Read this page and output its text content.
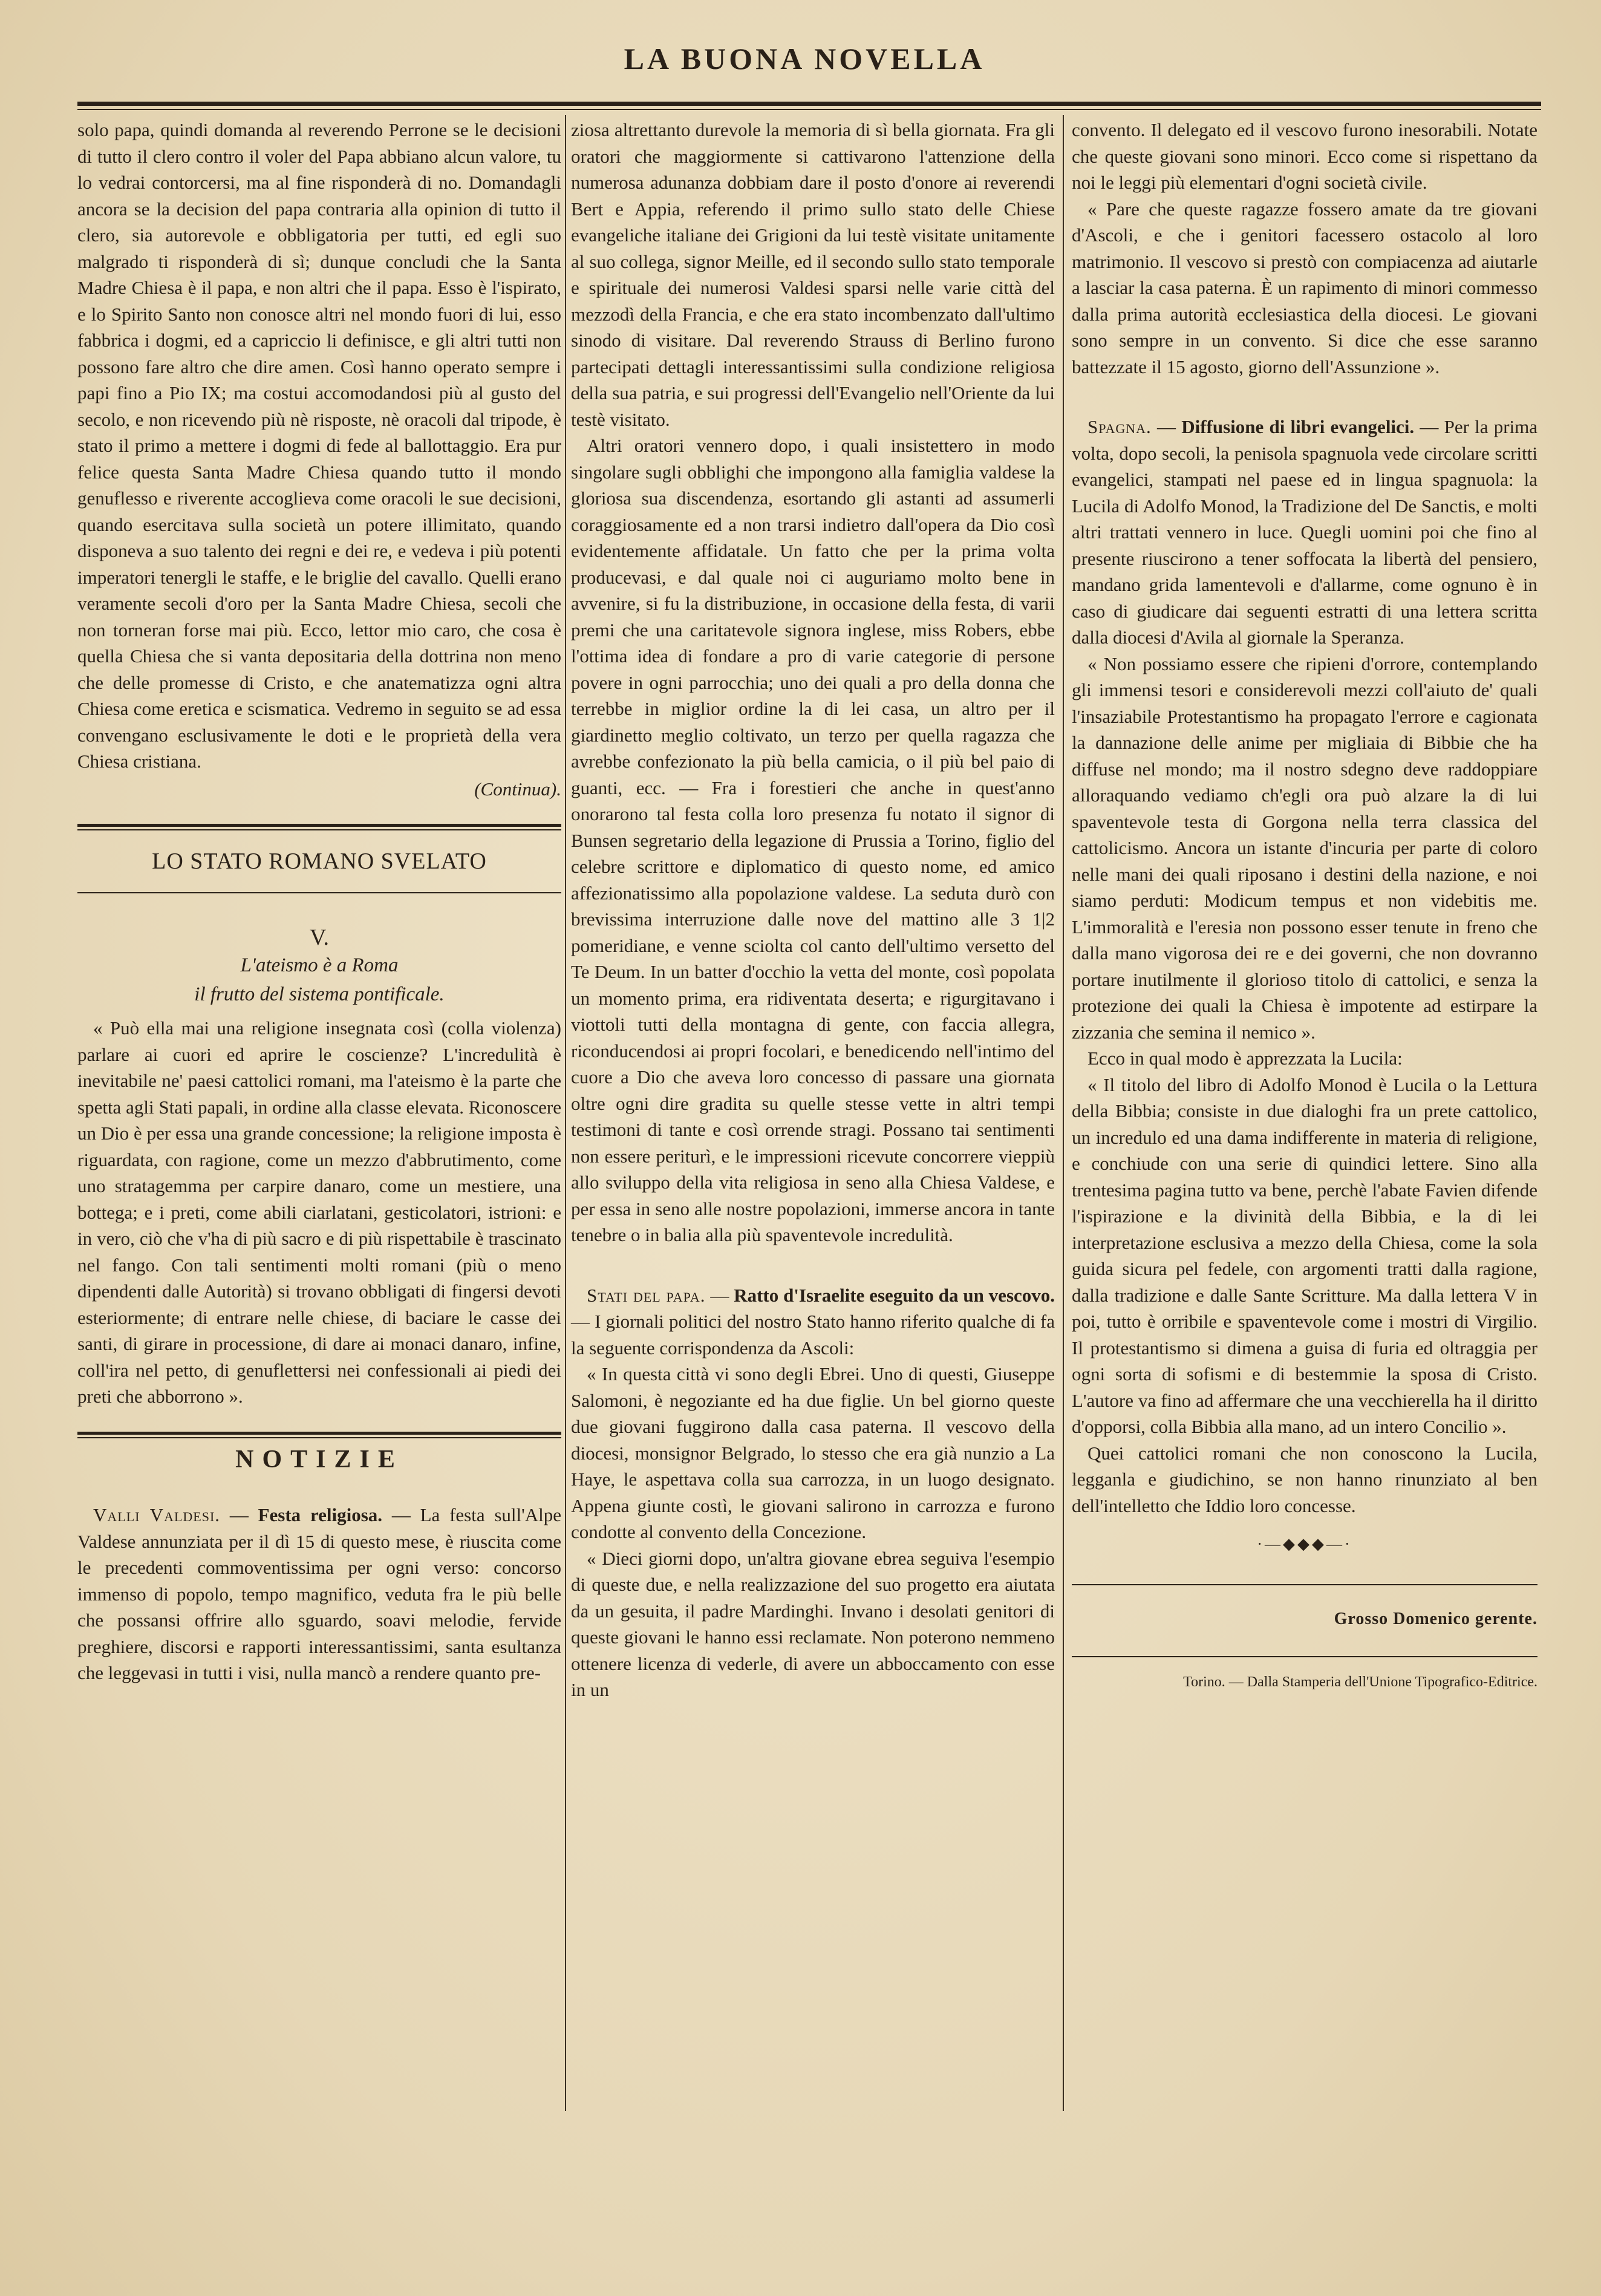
LA BUONA NOVELLA

solo papa, quindi domanda al reverendo Perrone se le decisioni di tutto il clero contro il voler del Papa abbiano alcun valore, tu lo vedrai contorcersi, ma al fine risponderà di no. Domandagli ancora se la decision del papa contraria alla opinion di tutto il clero, sia autorevole e obbligatoria per tutti, ed egli suo malgrado ti risponderà di sì; dunque concludi che la Santa Madre Chiesa è il papa, e non altri che il papa. Esso è l'ispirato, e lo Spirito Santo non conosce altri nel mondo fuori di lui, esso fabbrica i dogmi, ed a capriccio li definisce, e gli altri tutti non possono fare altro che dire amen. Così hanno operato sempre i papi fino a Pio IX; ma costui accomodandosi più al gusto del secolo, e non ricevendo più nè risposte, nè oracoli dal tripode, è stato il primo a mettere i dogmi di fede al ballottaggio. Era pur felice questa Santa Madre Chiesa quando tutto il mondo genuflesso e riverente accoglieva come oracoli le sue decisioni, quando esercitava sulla società un potere illimitato, quando disponeva a suo talento dei regni e dei re, e vedeva i più potenti imperatori tenergli le staffe, e le briglie del cavallo. Quelli erano veramente secoli d'oro per la Santa Madre Chiesa, secoli che non torneran forse mai più. Ecco, lettor mio caro, che cosa è quella Chiesa che si vanta depositaria della dottrina non meno che delle promesse di Cristo, e che anatematizza ogni altra Chiesa come eretica e scismatica. Vedremo in seguito se ad essa convengano esclusivamente le doti e le proprietà della vera Chiesa cristiana.

(Continua).
LO STATO ROMANO SVELATO
V.
L'ateismo è a Roma
il frutto del sistema pontificale.

« Può ella mai una religione insegnata così (colla violenza) parlare ai cuori ed aprire le coscienze? L'incredulità è inevitabile ne' paesi cattolici romani, ma l'ateismo è la parte che spetta agli Stati papali, in ordine alla classe elevata. Riconoscere un Dio è per essa una grande concessione; la religione imposta è riguardata, con ragione, come un mezzo d'abbrutimento, come uno stratagemma per carpire danaro, come un mestiere, una bottega; e i preti, come abili ciarlatani, gesticolatori, istrioni: e in vero, ciò che v'ha di più sacro e di più rispettabile è trascinato nel fango. Con tali sentimenti molti romani (più o meno dipendenti dalle Autorità) si trovano obbligati di fingersi devoti esteriormente; di entrare nelle chiese, di baciare le casse dei santi, di girare in processione, di dare ai monaci danaro, infine, coll'ira nel petto, di genuflettersi nei confessionali ai piedi dei preti che abborrono ».

NOTIZIE

Valli Valdesi. — Festa religiosa. — La festa sull'Alpe Valdese annunziata per il dì 15 di questo mese, è riuscita come le precedenti commoventissima per ogni verso: concorso immenso di popolo, tempo magnifico, veduta fra le più belle che possansi offrire allo sguardo, soavi melodie, fervide preghiere, discorsi e rapporti interessantissimi, santa esultanza che leggevasi in tutti i visi, nulla mancò a rendere quanto pre-

ziosa altrettanto durevole la memoria di sì bella giornata. Fra gli oratori che maggiormente si cattivarono l'attenzione della numerosa adunanza dobbiam dare il posto d'onore ai reverendi Bert e Appia, referendo il primo sullo stato delle Chiese evangeliche italiane dei Grigioni da lui testè visitate unitamente al suo collega, signor Meille, ed il secondo sullo stato temporale e spirituale dei numerosi Valdesi sparsi nelle varie città del mezzodì della Francia, e che era stato incombenzato dall'ultimo sinodo di visitare. Dal reverendo Strauss di Berlino furono partecipati dettagli interessantissimi sulla condizione religiosa della sua patria, e sui progressi dell'Evangelio nell'Oriente da lui testè visitato.

Altri oratori vennero dopo, i quali insistettero in modo singolare sugli obblighi che impongono alla famiglia valdese la gloriosa sua discendenza, esortando gli astanti ad assumerli coraggiosamente ed a non trarsi indietro dall'opera da Dio così evidentemente affidatale. Un fatto che per la prima volta producevasi, e dal quale noi ci auguriamo molto bene in avvenire, si fu la distribuzione, in occasione della festa, di varii premi che una caritatevole signora inglese, miss Robers, ebbe l'ottima idea di fondare a pro di varie categorie di persone povere in ogni parrocchia; uno dei quali a pro della donna che terrebbe in miglior ordine la di lei casa, un altro per il giardinetto meglio coltivato, un terzo per quella ragazza che avrebbe confezionato la più bella camicia, o il più bel paio di guanti, ecc. — Fra i forestieri che anche in quest'anno onorarono tal festa colla loro presenza fu notato il signor di Bunsen segretario della legazione di Prussia a Torino, figlio del celebre scrittore e diplomatico di questo nome, ed amico affezionatissimo alla popolazione valdese. La seduta durò con brevissima interruzione dalle nove del mattino alle 3 1|2 pomeridiane, e venne sciolta col canto dell'ultimo versetto del Te Deum. In un batter d'occhio la vetta del monte, così popolata un momento prima, era ridiventata deserta; e rigurgitavano i viottoli tutti della montagna di gente, con faccia allegra, riconducendosi ai propri focolari, e benedicendo nell'intimo del cuore a Dio che aveva loro concesso di passare una giornata oltre ogni dire gradita su quelle stesse vette in altri tempi testimoni di tante e così orrende stragi. Possano tai sentimenti non essere periturì, e le impressioni ricevute concorrere vieppiù allo sviluppo della vita religiosa in seno alla Chiesa Valdese, e per essa in seno alle nostre popolazioni, immerse ancora in tante tenebre o in balia alla più spaventevole incredulità.

Stati del papa. — Ratto d'Israelite eseguito da un vescovo. — I giornali politici del nostro Stato hanno riferito qualche di fa la seguente corrispondenza da Ascoli:

« In questa città vi sono degli Ebrei. Uno di questi, Giuseppe Salomoni, è negoziante ed ha due figlie. Un bel giorno queste due giovani fuggirono dalla casa paterna. Il vescovo della diocesi, monsignor Belgrado, lo stesso che era già nunzio a La Haye, le aspettava colla sua carrozza, in un luogo designato. Appena giunte costì, le giovani salirono in carrozza e furono condotte al convento della Concezione.

« Dieci giorni dopo, un'altra giovane ebrea seguiva l'esempio di queste due, e nella realizzazione del suo progetto era aiutata da un gesuita, il padre Mardinghi. Invano i desolati genitori di queste giovani le hanno essi reclamate. Non poterono nemmeno ottenere licenza di vederle, di avere un abboccamento con esse in un

convento. Il delegato ed il vescovo furono inesorabili. Notate che queste giovani sono minori. Ecco come si rispettano da noi le leggi più elementari d'ogni società civile.

« Pare che queste ragazze fossero amate da tre giovani d'Ascoli, e che i genitori facessero ostacolo al loro matrimonio. Il vescovo si prestò con compiacenza ad aiutarle a lasciar la casa paterna. È un rapimento di minori commesso dalla prima autorità ecclesiastica della diocesi. Le giovani sono sempre in un convento. Si dice che esse saranno battezzate il 15 agosto, giorno dell'Assunzione ».

Spagna. — Diffusione di libri evangelici. — Per la prima volta, dopo secoli, la penisola spagnuola vede circolare scritti evangelici, stampati nel paese ed in lingua spagnuola: la Lucila di Adolfo Monod, la Tradizione del De Sanctis, e molti altri trattati vennero in luce. Quegli uomini poi che fino al presente riuscirono a tener soffocata la libertà del pensiero, mandano grida lamentevoli e d'allarme, come ognuno è in caso di giudicare dai seguenti estratti di una lettera scritta dalla diocesi d'Avila al giornale la Speranza.

« Non possiamo essere che ripieni d'orrore, contemplando gli immensi tesori e considerevoli mezzi coll'aiuto de' quali l'insaziabile Protestantismo ha propagato l'errore e cagionata la dannazione delle anime per migliaia di Bibbie che ha diffuse nel mondo; ma il nostro sdegno deve raddoppiare alloraquando vediamo ch'egli ora può alzare la di lui spaventevole testa di Gorgona nella terra classica del cattolicismo. Ancora un istante d'incuria per parte di coloro nelle mani dei quali riposano i destini della nazione, e noi siamo perduti: Modicum tempus et non videbitis me. L'immoralità e l'eresia non possono esser tenute in freno che dalla mano vigorosa dei re e dei governi, che non dovranno portare inutilmente il glorioso titolo di cattolici, e senza la protezione dei quali la Chiesa è impotente ad estirpare la zizzania che semina il nemico ».

Ecco in qual modo è apprezzata la Lucila:

« Il titolo del libro di Adolfo Monod è Lucila o la Lettura della Bibbia; consiste in due dialoghi fra un prete cattolico, un incredulo ed una dama indifferente in materia di religione, e conchiude con una serie di quindici lettere. Sino alla trentesima pagina tutto va bene, perchè l'abate Favien difende l'ispirazione e la divinità della Bibbia, e la di lei interpretazione esclusiva a mezzo della Chiesa, come la sola guida sicura pel fedele, con argomenti tratti dalla ragione, dalla tradizione e dalle Sante Scritture. Ma dalla lettera V in poi, tutto è orribile e spaventevole come i mostri di Virgilio. Il protestantismo si dimena a guisa di furia ed oltraggia per ogni sorta di sofismi e di bestemmie la sposa di Cristo. L'autore va fino ad affermare che una vecchierella ha il diritto d'opporsi, colla Bibbia alla mano, ad un intero Concilio ».

Quei cattolici romani che non conoscono la Lucila, legganla e giudichino, se non hanno rinunziato al ben dell'intelletto che Iddio loro concesse.

·—◆◆◆—·
Grosso Domenico gerente.
Torino. — Dalla Stamperia dell'Unione Tipografico-Editrice.
